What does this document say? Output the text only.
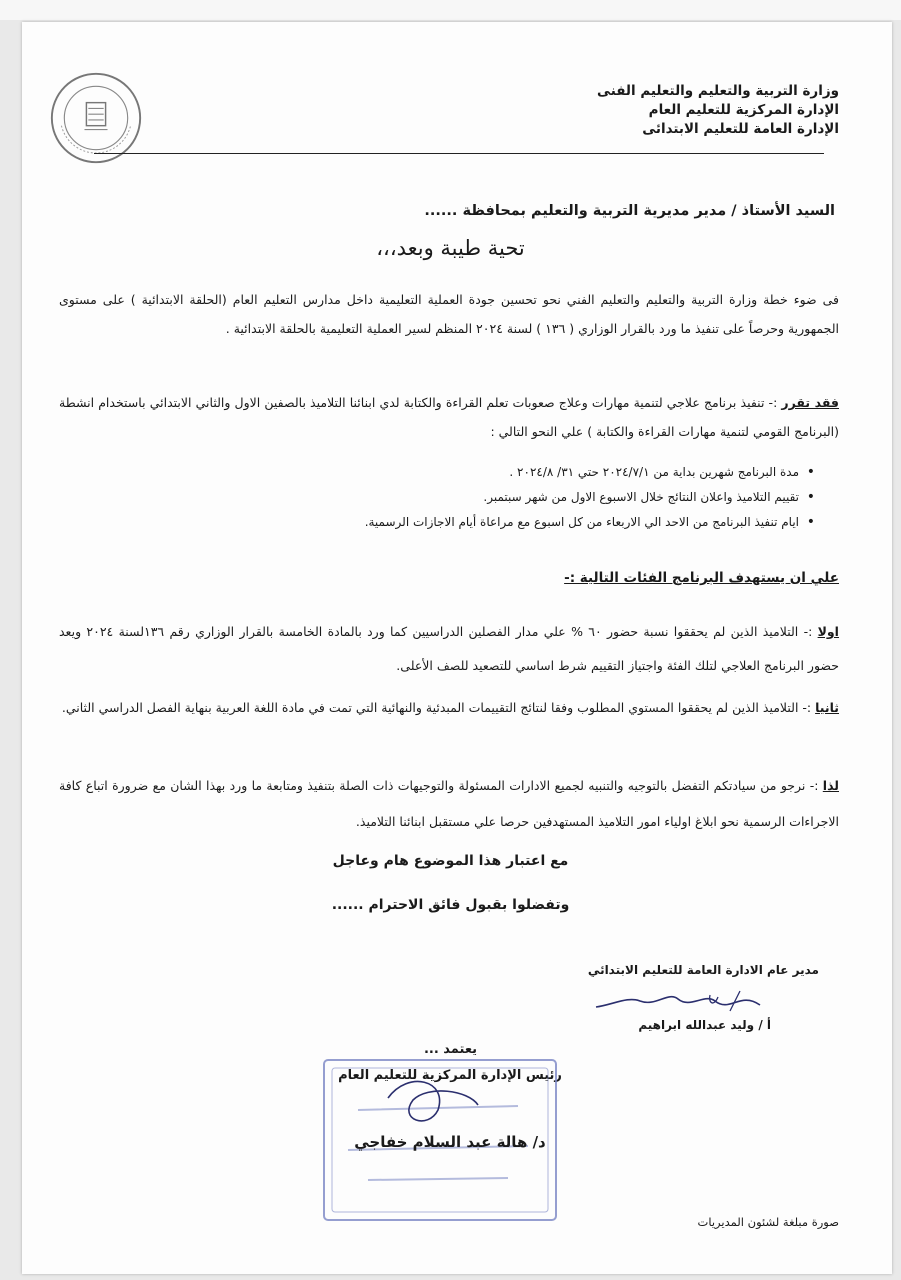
وزارة التربية والتعليم والتعليم الفنى
الإدارة المركزية للتعليم العام
الإدارة العامة للتعليم الابتدائى
السيد الأستاذ / مدير مديرية التربية والتعليم بمحافظة ......
تحية طيبة وبعد،،،
فى ضوء خطة وزارة التربية والتعليم والتعليم الفني نحو تحسين جودة العملية التعليمية داخل مدارس التعليم العام (الحلقة الابتدائية ) على مستوى الجمهورية وحرصاً على تنفيذ ما ورد بالقرار الوزاري ( ١٣٦ ) لسنة ٢٠٢٤ المنظم لسير العملية التعليمية بالحلقة الابتدائية .
فقد تقرر :- تنفيذ برنامج علاجي لتنمية مهارات وعلاج صعوبات تعلم القراءة والكتابة لدي ابنائنا التلاميذ بالصفين الاول والثاني الابتدائي باستخدام انشطة (البرنامج القومي لتنمية مهارات القراءة والكتابة ) علي النحو التالي :
• مدة البرنامج شهرين بداية من ٢٠٢٤/٧/١ حتي ٣١/ ٢٠٢٤/٨ .
• تقييم التلاميذ واعلان النتائج خلال الاسبوع الاول من شهر سبتمبر.
• ايام تنفيذ البرنامج من الاحد الي الاربعاء من كل اسبوع مع مراعاة أيام الاجازات الرسمية.
علي ان يستهدف البرنامج الفئات التالية :-
اولا :- التلاميذ الذين لم يحققوا نسبة حضور ٦٠ % علي مدار الفصلين الدراسيين كما ورد بالمادة الخامسة بالقرار الوزاري رقم ١٣٦لسنة ٢٠٢٤ ويعد حضور البرنامج العلاجي لتلك الفئة واجتياز التقييم شرط اساسي للتصعيد للصف الأعلى.
ثانيا :- التلاميذ الذين لم يحققوا المستوي المطلوب وفقا لنتائج التقييمات المبدئية والنهائية التي تمت في مادة اللغة العربية بنهاية الفصل الدراسي الثاني.
لذا :- نرجو من سيادتكم التفضل بالتوجيه والتنبيه لجميع الادارات المسئولة والتوجيهات ذات الصلة بتنفيذ ومتابعة ما ورد بهذا الشان مع ضرورة اتباع كافة الاجراءات الرسمية نحو ابلاغ اولياء امور التلاميذ المستهدفين حرصا علي مستقبل ابنائنا التلاميذ.
مع اعتبار هذا الموضوع هام وعاجل
وتفضلوا بقبول فائق الاحترام ......
مدير عام الادارة العامة للتعليم الابتدائي
أ / وليد عبدالله ابراهيم
يعتمد ...
رئيس الإدارة المركزية للتعليم العام
د/ هالة عبد السلام خفاجي
صورة مبلغة لشئون المديريات
